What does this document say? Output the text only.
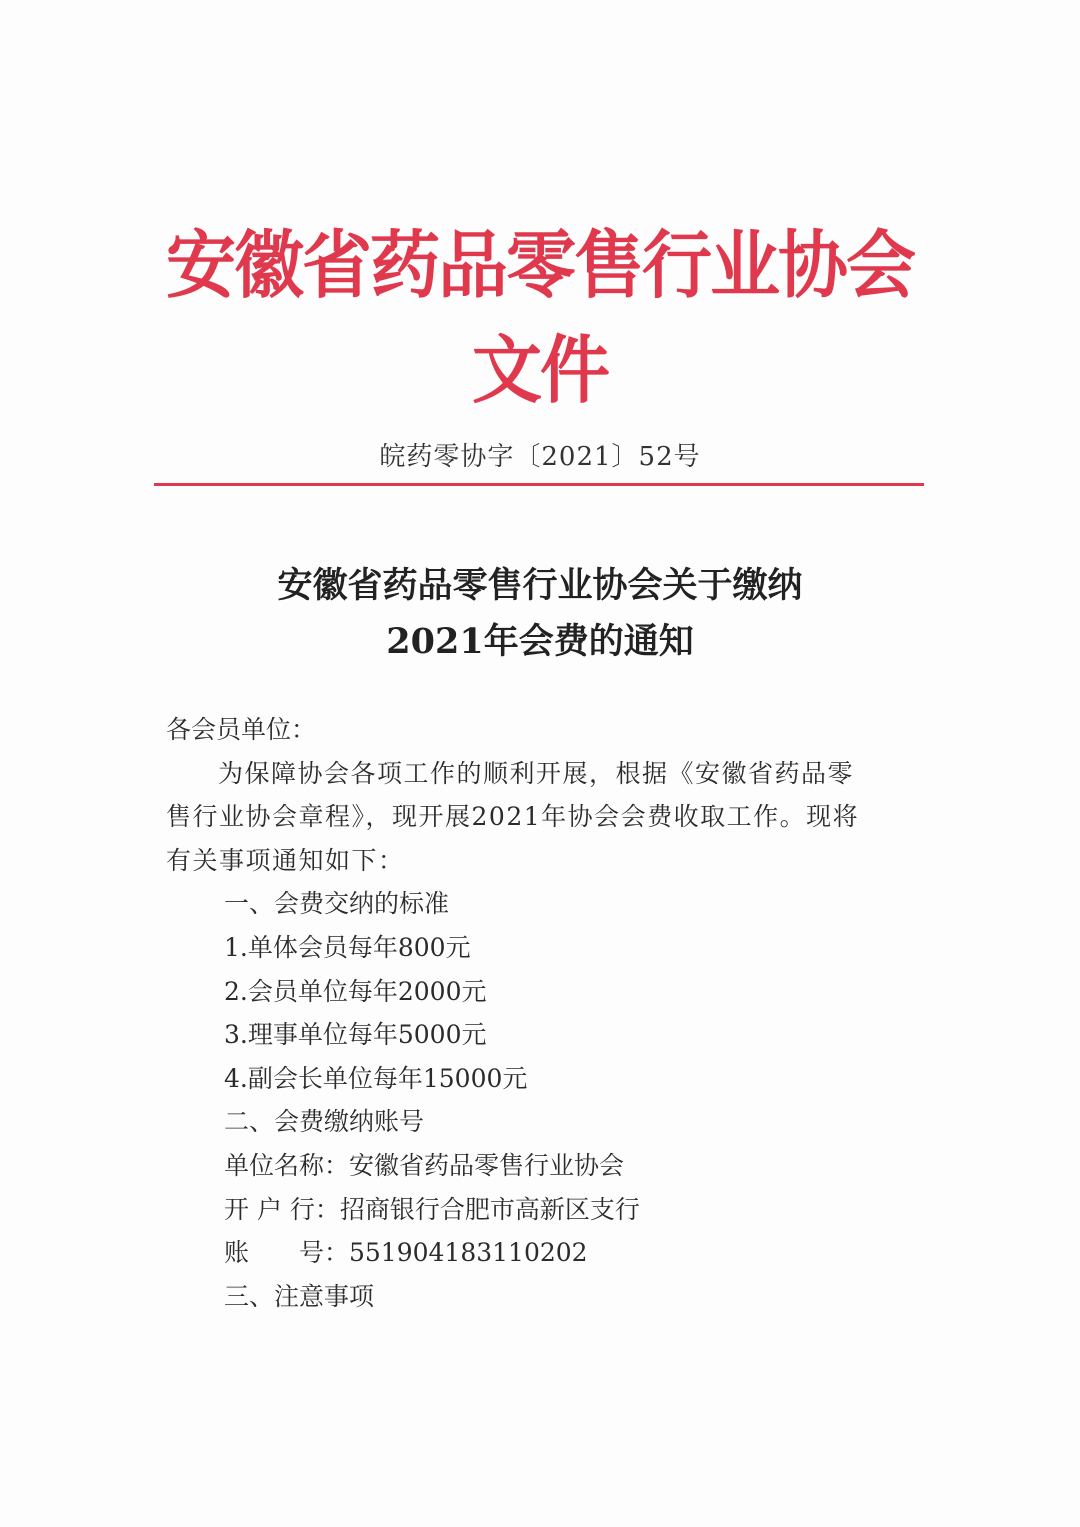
安徽省药品零售行业协会文件
皖药零协字〔2021〕52号
安徽省药品零售行业协会关于缴纳
2021年会费的通知

各会员单位：

为保障协会各项工作的顺利开展，根据《安徽省药品零
售行业协会章程》，现开展2021年协会会费收取工作。现将
有关事项通知如下：

一、会费交纳的标准

1.单体会员每年800元

2.会员单位每年2000元

3.理事单位每年5000元

4.副会长单位每年15000元

二、会费缴纳账号

单位名称：安徽省药品零售行业协会

开 户 行：招商银行合肥市高新区支行

账　　号：551904183110202

三、注意事项
